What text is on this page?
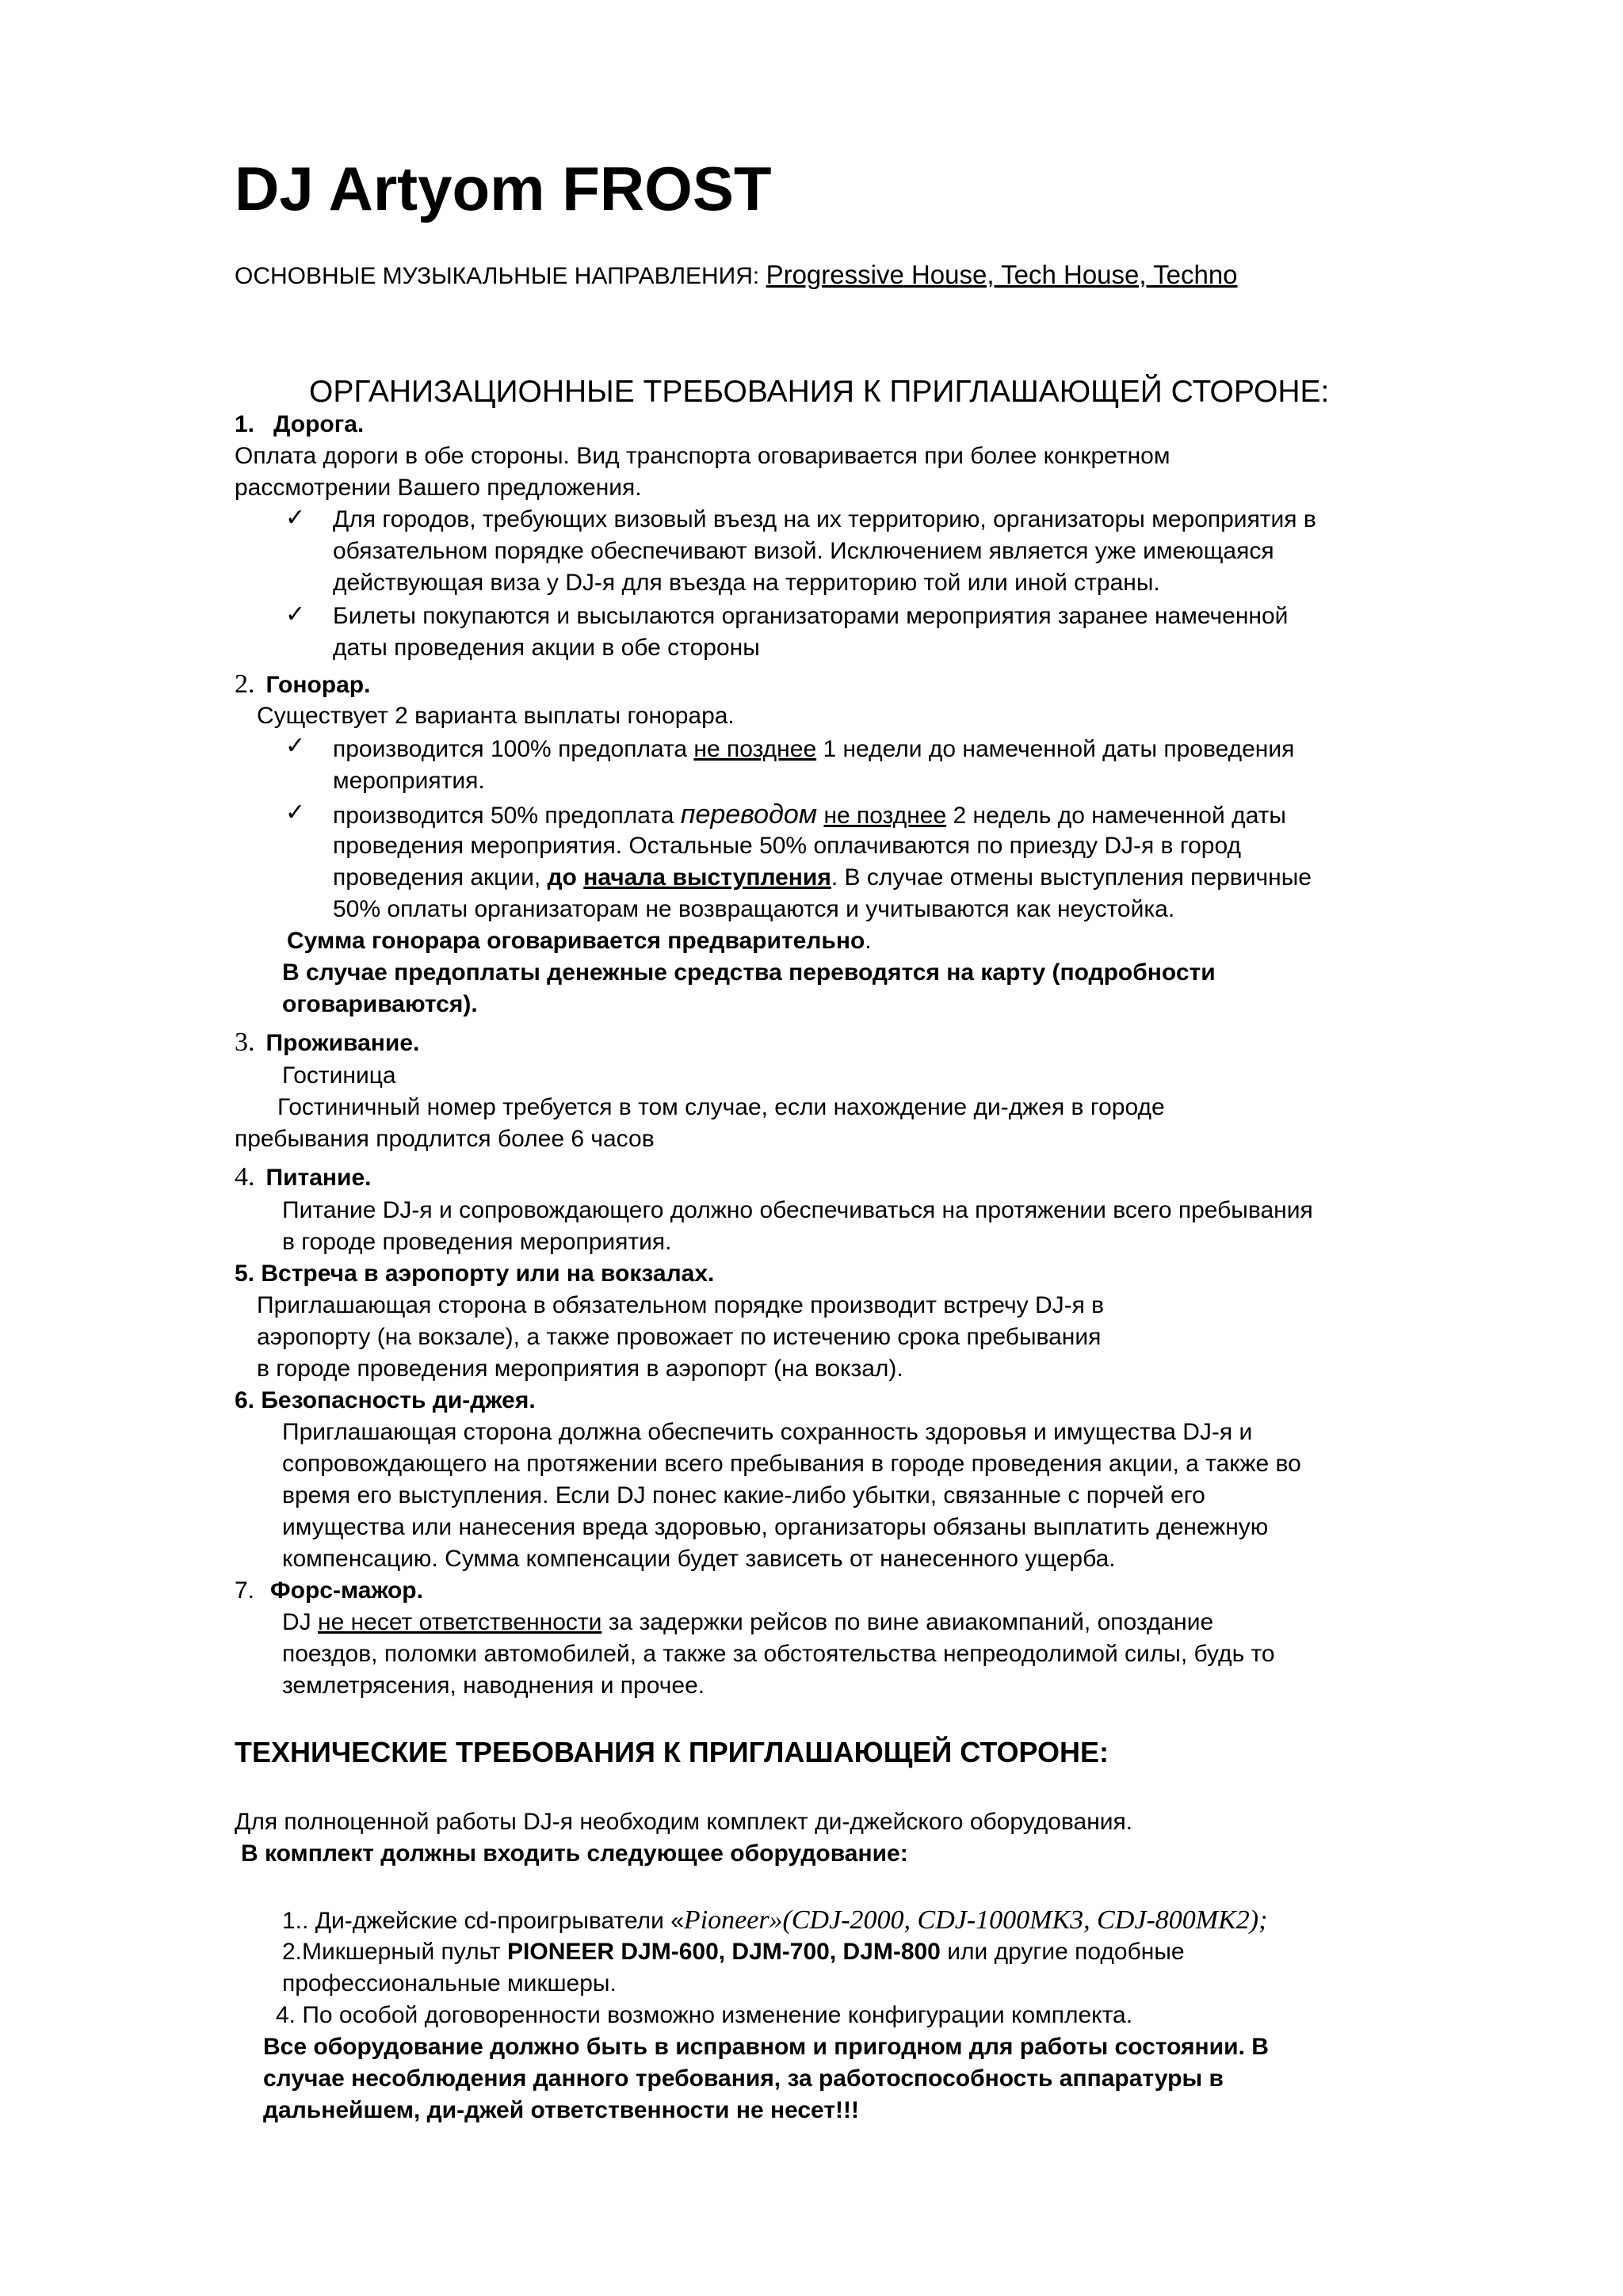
DJ Artyom FROST
ОСНОВНЫЕ МУЗЫКАЛЬНЫЕ НАПРАВЛЕНИЯ: Progressive House, Tech House, Techno
ОРГАНИЗАЦИОННЫЕ ТРЕБОВАНИЯ К ПРИГЛАШАЮЩЕЙ СТОРОНЕ:
1. Дорога.
Оплата дороги в обе стороны. Вид транспорта оговаривается при более конкретном
рассмотрении Вашего предложения.
✓ Для городов, требующих визовый въезд на их территорию, организаторы мероприятия в
обязательном порядке обеспечивают визой. Исключением является уже имеющаяся
действующая виза у DJ-я для въезда на территорию той или иной страны.
✓ Билеты покупаются и высылаются организаторами мероприятия заранее намеченной
даты проведения акции в обе стороны
2. Гонорар.
Существует 2 варианта выплаты гонорара.
✓ производится 100% предоплата не позднее 1 недели до намеченной даты проведения
мероприятия.
✓ производится 50% предоплата переводом не позднее 2 недель до намеченной даты
проведения мероприятия. Остальные 50% оплачиваются по приезду DJ-я в город
проведения акции, до начала выступления. В случае отмены выступления первичные
50% оплаты организаторам не возвращаются и учитываются как неустойка.
Сумма гонорара оговаривается предварительно.
В случае предоплаты денежные средства переводятся на карту (подробности
оговариваются).
3. Проживание.
Гостиница
Гостиничный номер требуется в том случае, если нахождение ди-джея в городе
пребывания продлится более 6 часов
4. Питание.
Питание DJ-я и сопровождающего должно обеспечиваться на протяжении всего пребывания
в городе проведения мероприятия.
5. Встреча в аэропорту или на вокзалах.
Приглашающая сторона в обязательном порядке производит встречу DJ-я в
аэропорту (на вокзале), а также провожает по истечению срока пребывания
в городе проведения мероприятия в аэропорт (на вокзал).
6. Безопасность ди-джея.
Приглашающая сторона должна обеспечить сохранность здоровья и имущества DJ-я и
сопровождающего на протяжении всего пребывания в городе проведения акции, а также во
время его выступления. Если DJ понес какие-либо убытки, связанные с порчей его
имущества или нанесения вреда здоровью, организаторы обязаны выплатить денежную
компенсацию. Сумма компенсации будет зависеть от нанесенного ущерба.
7. Форс-мажор.
DJ не несет ответственности за задержки рейсов по вине авиакомпаний, опоздание
поездов, поломки автомобилей, а также за обстоятельства непреодолимой силы, будь то
землетрясения, наводнения и прочее.
ТЕХНИЧЕСКИЕ ТРЕБОВАНИЯ К ПРИГЛАШАЮЩЕЙ СТОРОНЕ:
Для полноценной работы DJ-я необходим комплект ди-джейского оборудования.
В комплект должны входить следующее оборудование:
1.. Ди-джейские cd-проигрыватели «Pioneer»(CDJ-2000, CDJ-1000MK3, CDJ-800MK2);
2.Микшерный пульт PIONEER DJM-600, DJM-700, DJM-800 или другие подобные
профессиональные микшеры.
4. По особой договоренности возможно изменение конфигурации комплекта.
Все оборудование должно быть в исправном и пригодном для работы состоянии. В
случае несоблюдения данного требования, за работоспособность аппаратуры в
дальнейшем, ди-джей ответственности не несет!!!
